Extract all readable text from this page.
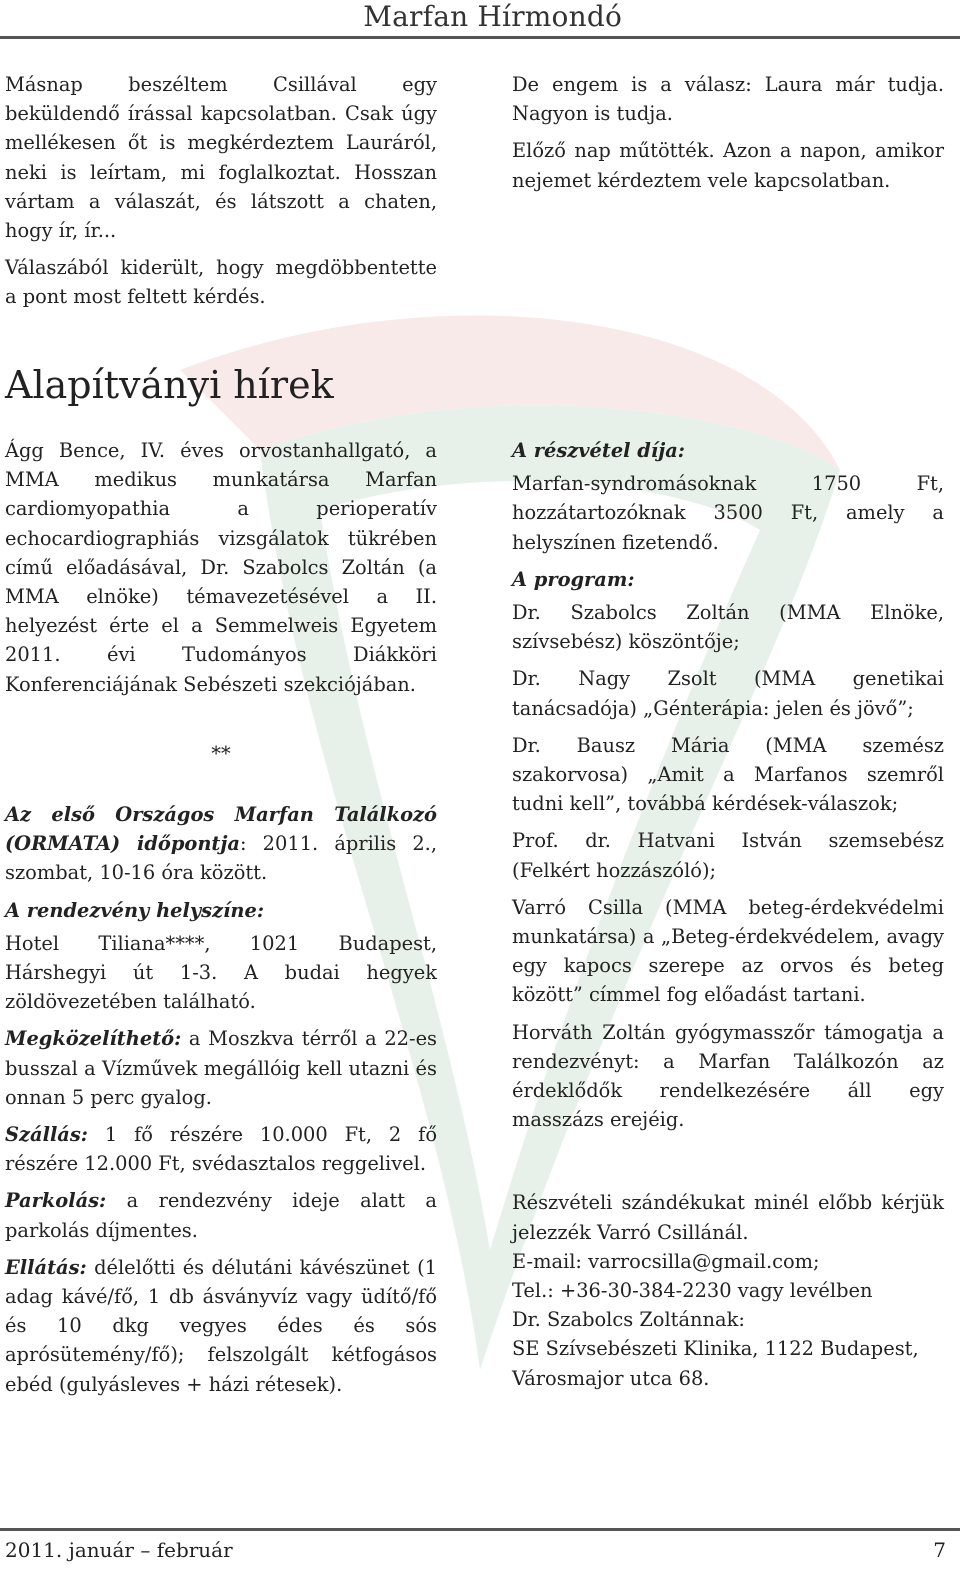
Marfan Hírmondó

Másnap beszéltem Csillával egy beküldendő írással kapcsolatban. Csak úgy mellékesen őt is megkérdeztem Lauráról, neki is leírtam, mi foglalkoztat. Hosszan vártam a válaszát, és látszott a chaten, hogy ír, ír...

Válaszából kiderült, hogy megdöbbentette a pont most feltett kérdés.

De engem is a válasz: Laura már tudja. Nagyon is tudja.

Előző nap műtötték. Azon a napon, amikor nejemet kérdeztem vele kapcsolatban.

Alapítványi hírek

Ágg Bence, IV. éves orvostanhallgató, a MMA medikus munkatársa Marfan cardiomyopathia a perioperatív echocardiographiás vizsgálatok tükrében című előadásával, Dr. Szabolcs Zoltán (a MMA elnöke) témavezetésével a II. helyezést érte el a Semmelweis Egyetem 2011. évi Tudományos Diákköri Konferenciájának Sebészeti szekciójában.

**

Az első Országos Marfan Találkozó (ORMATA) időpontja: 2011. április 2., szombat, 10-16 óra között.

A rendezvény helyszíne:

Hotel Tiliana****, 1021 Budapest, Hárshegyi út 1-3. A budai hegyek zöldövezetében található.

Megközelíthető: a Moszkva térről a 22-es busszal a Vízművek megállóig kell utazni és onnan 5 perc gyalog.

Szállás: 1 fő részére 10.000 Ft, 2 fő részére 12.000 Ft, svédasztalos reggelivel.

Parkolás: a rendezvény ideje alatt a parkolás díjmentes.

Ellátás: délelőtti és délutáni kávészünet (1 adag kávé/fő, 1 db ásványvíz vagy üdítő/fő és 10 dkg vegyes édes és sós aprósütemény/fő); felszolgált kétfogásos ebéd (gulyásleves + házi rétesek).

A részvétel díja:

Marfan-syndromásoknak 1750 Ft, hozzátartozóknak 3500 Ft, amely a helyszínen fizetendő.

A program:

Dr. Szabolcs Zoltán (MMA Elnöke, szívsebész) köszöntője;

Dr. Nagy Zsolt (MMA genetikai tanácsadója) „Génterápia: jelen és jövő”;

Dr. Bausz Mária (MMA szemész szakorvosa) „Amit a Marfanos szemről tudni kell”, továbbá kérdések-válaszok;

Prof. dr. Hatvani István szemsebész (Felkért hozzászóló);

Varró Csilla (MMA beteg-érdekvédelmi munkatársa) a „Beteg-érdekvédelem, avagy egy kapocs szerepe az orvos és beteg között” címmel fog előadást tartani.

Horváth Zoltán gyógymasszőr támogatja a rendezvényt: a Marfan Találkozón az érdeklődők rendelkezésére áll egy masszázs erejéig.

Részvételi szándékukat minél előbb kérjük jelezzék Varró Csillánál.
E-mail: varrocsilla@gmail.com;
Tel.: +36-30-384-2230 vagy levélben
Dr. Szabolcs Zoltánnak:
SE Szívsebészeti Klinika, 1122 Budapest,
Városmajor utca 68.
2011. január – február	7
